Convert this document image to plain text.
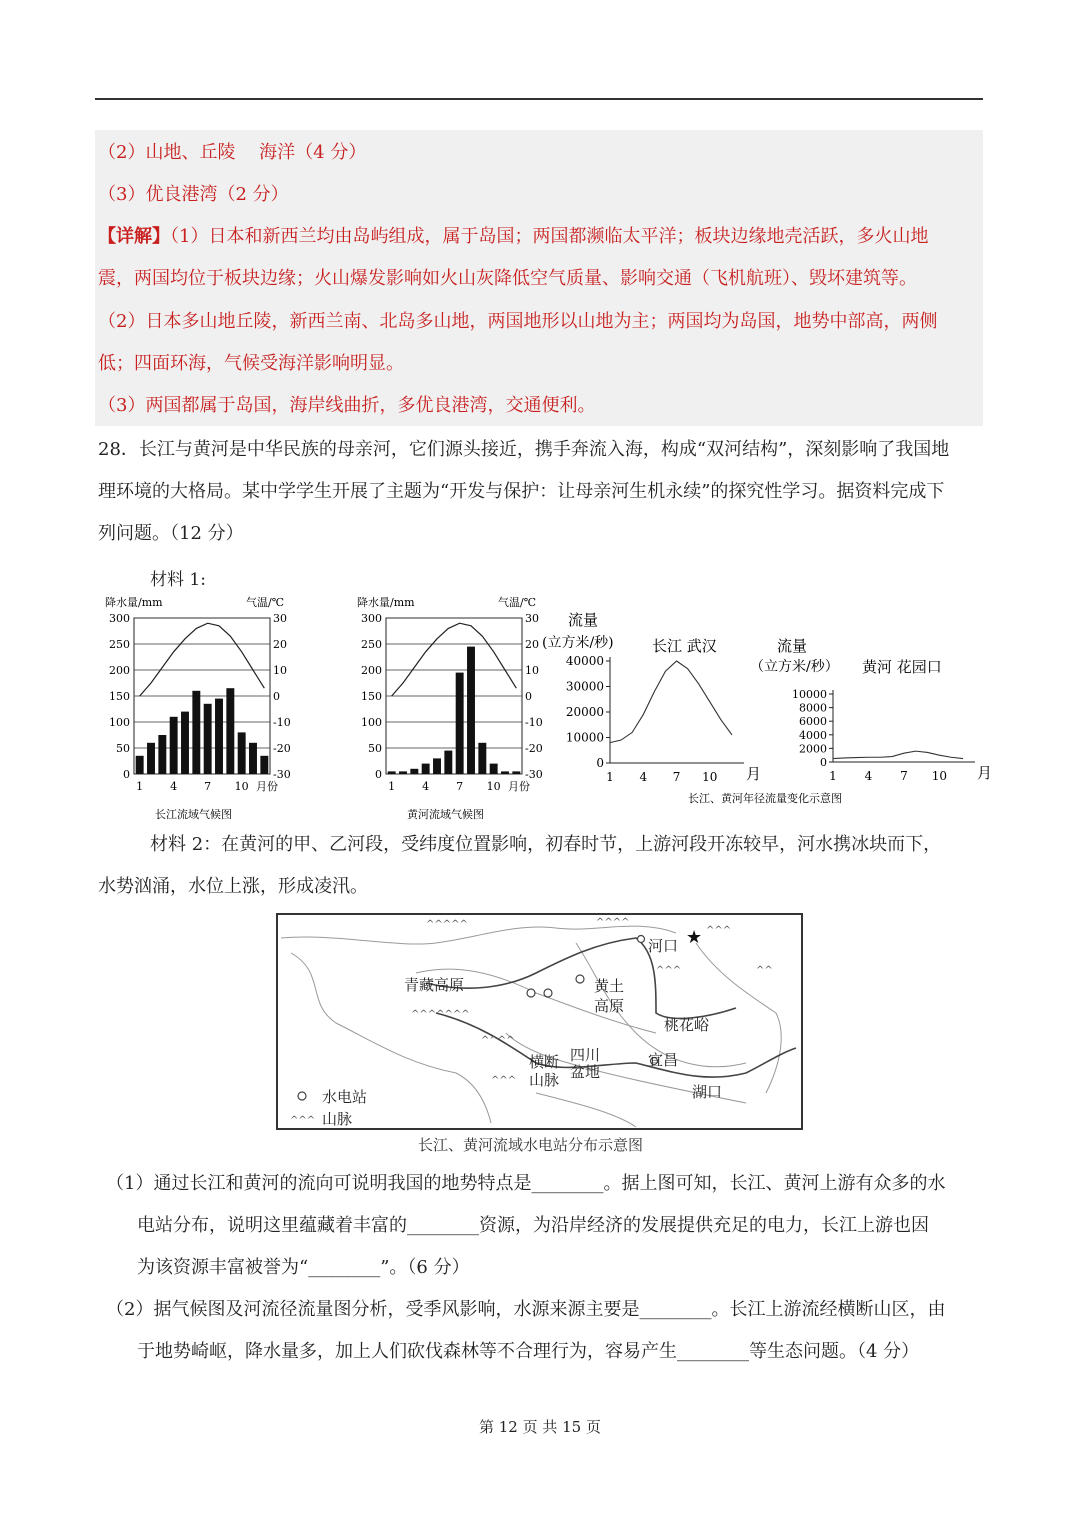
（2）山地、丘陵　 海洋（4 分）
（3）优良港湾（2 分）
【详解】（1）日本和新西兰均由岛屿组成，属于岛国；两国都濒临太平洋；板块边缘地壳活跃，多火山地
震，两国均位于板块边缘；火山爆发影响如火山灰降低空气质量、影响交通（飞机航班）、毁坏建筑等。
（2）日本多山地丘陵，新西兰南、北岛多山地，两国地形以山地为主；两国均为岛国，地势中部高，两侧
低；四面环海，气候受海洋影响明显。
（3）两国都属于岛国，海岸线曲折，多优良港湾，交通便利。
28．长江与黄河是中华民族的母亲河，它们源头接近，携手奔流入海，构成“双河结构”，深刻影响了我国地
理环境的大格局。某中学学生开展了主题为“开发与保护：让母亲河生机永续”的探究性学习。据资料完成下
列问题。（12 分）
材料 1:
降水量/mm	气温/℃
0
50
100
150
200
250
300	30
20
10
0
-10
-20
-30
1 4 7 10 月份
长江流域气候图
降水量/mm	气温/℃
0
50
100
150
200
250
300	30
20
10
0
-10
-20
-30
1 4 7 10 月份
黄河流域气候图
流量
(立方米/秒)	长江 武汉
0
10000
20000
30000
40000
1 4 7 10 月
流量
（立方米/秒） 黄河 花园口
0
2000
4000
6000
8000
10000
1 4 7 10 月
长江、黄河年径流量变化示意图
材料 2：在黄河的甲、乙河段，受纬度位置影响，初春时节，上游河段开冻较早，河水携冰块而下，
水势汹涌，水位上涨，形成凌汛。
^^^^^	^^^^
^^^^^^^
^^^^
^^^
^^^
^^^
^^
★
青藏高原	黄土
高原
河口
桃花峪
横断
山脉
四川
盆地
宜昌
湖口
^^^
水电站
山脉
长江、黄河流域水电站分布示意图
（1）通过长江和黄河的流向可说明我国的地势特点是________。据上图可知，长江、黄河上游有众多的水
电站分布，说明这里蕴藏着丰富的________资源，为沿岸经济的发展提供充足的电力，长江上游也因
为该资源丰富被誉为“________”。（6 分）
（2）据气候图及河流径流量图分析，受季风影响，水源来源主要是________。长江上游流经横断山区，由
于地势崎岖，降水量多，加上人们砍伐森林等不合理行为，容易产生________等生态问题。（4 分）
第 12 页 共 15 页
